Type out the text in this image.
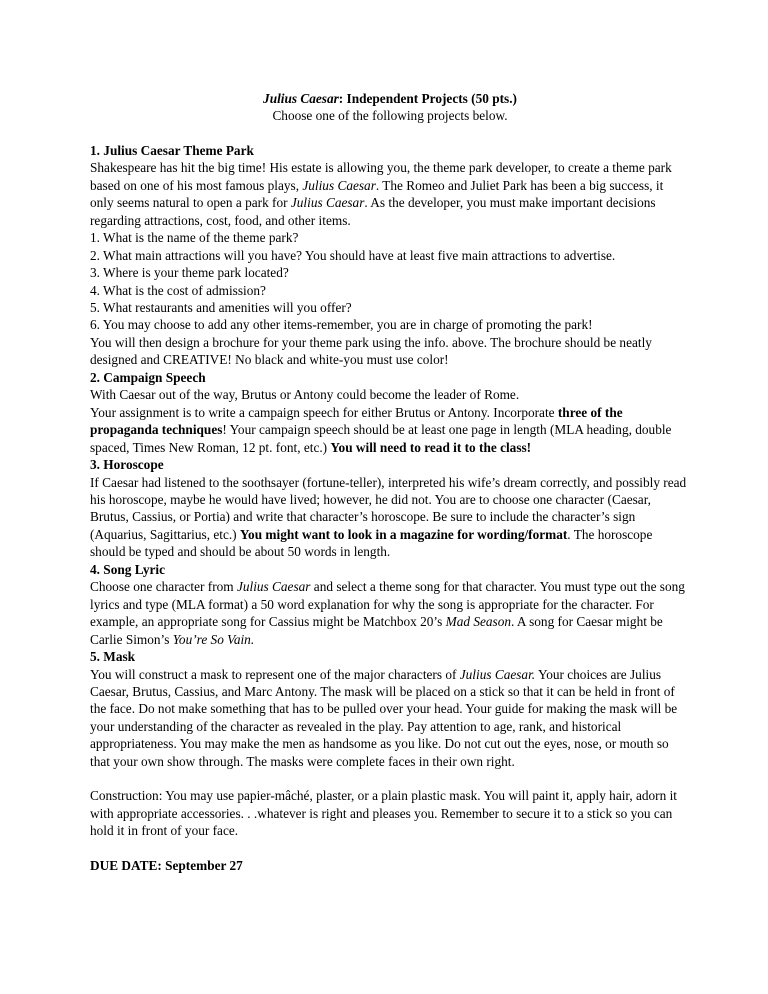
Julius Caesar: Independent Projects (50 pts.)
Choose one of the following projects below.

1. Julius Caesar Theme Park

Shakespeare has hit the big time! His estate is allowing you, the theme park developer, to create a theme park based on one of his most famous plays, Julius Caesar. The Romeo and Juliet Park has been a big success, it only seems natural to open a park for Julius Caesar. As the developer, you must make important decisions regarding attractions, cost, food, and other items.

1. What is the name of the theme park?

2. What main attractions will you have? You should have at least five main attractions to advertise.

3. Where is your theme park located?

4. What is the cost of admission?

5. What restaurants and amenities will you offer?

6. You may choose to add any other items-remember, you are in charge of promoting the park!

You will then design a brochure for your theme park using the info. above. The brochure should be neatly designed and CREATIVE! No black and white-you must use color!

2. Campaign Speech

With Caesar out of the way, Brutus or Antony could become the leader of Rome.

Your assignment is to write a campaign speech for either Brutus or Antony. Incorporate three of the propaganda techniques! Your campaign speech should be at least one page in length (MLA heading, double spaced, Times New Roman, 12 pt. font, etc.) You will need to read it to the class!

3. Horoscope

If Caesar had listened to the soothsayer (fortune-teller), interpreted his wife’s dream correctly, and possibly read his horoscope, maybe he would have lived; however, he did not. You are to choose one character (Caesar, Brutus, Cassius, or Portia) and write that character’s horoscope. Be sure to include the character’s sign (Aquarius, Sagittarius, etc.) You might want to look in a magazine for wording/format. The horoscope should be typed and should be about 50 words in length.

4. Song Lyric

Choose one character from Julius Caesar and select a theme song for that character. You must type out the song lyrics and type (MLA format) a 50 word explanation for why the song is appropriate for the character. For example, an appropriate song for Cassius might be Matchbox 20’s Mad Season. A song for Caesar might be Carlie Simon’s You’re So Vain.

5. Mask

You will construct a mask to represent one of the major characters of Julius Caesar. Your choices are Julius Caesar, Brutus, Cassius, and Marc Antony. The mask will be placed on a stick so that it can be held in front of the face. Do not make something that has to be pulled over your head. Your guide for making the mask will be your understanding of the character as revealed in the play. Pay attention to age, rank, and historical appropriateness. You may make the men as handsome as you like. Do not cut out the eyes, nose, or mouth so that your own show through. The masks were complete faces in their own right.

Construction: You may use papier-mâché, plaster, or a plain plastic mask. You will paint it, apply hair, adorn it with appropriate accessories. . .whatever is right and pleases you. Remember to secure it to a stick so you can hold it in front of your face.

DUE DATE: September 27
